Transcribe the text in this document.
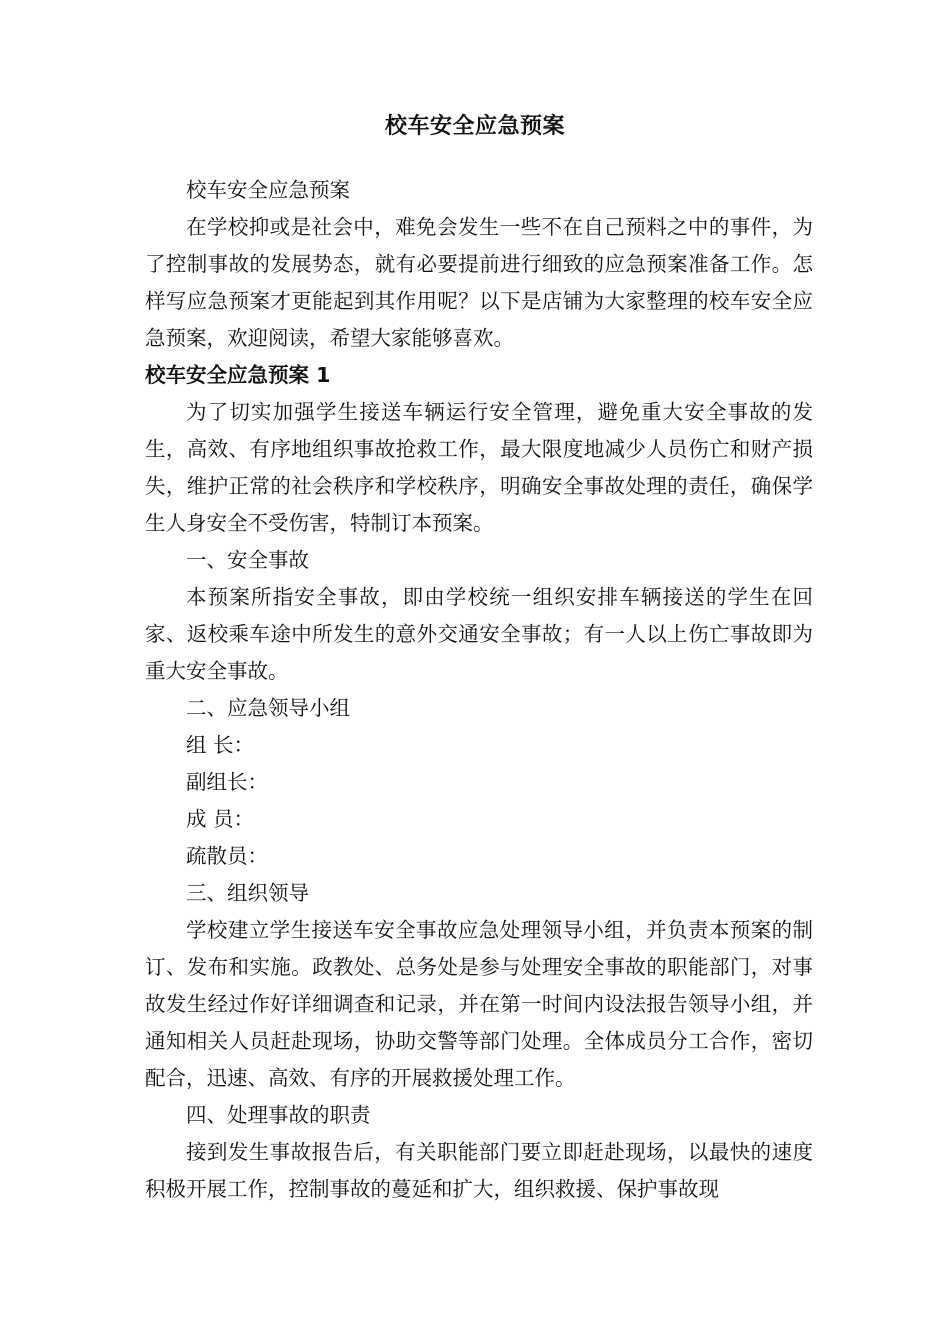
校车安全应急预案

校车安全应急预案

在学校抑或是社会中，难免会发生一些不在自己预料之中的事件，为了控制事故的发展势态，就有必要提前进行细致的应急预案准备工作。怎样写应急预案才更能起到其作用呢？以下是店铺为大家整理的校车安全应急预案，欢迎阅读，希望大家能够喜欢。

校车安全应急预案 1

为了切实加强学生接送车辆运行安全管理，避免重大安全事故的发生，高效、有序地组织事故抢救工作，最大限度地减少人员伤亡和财产损失，维护正常的社会秩序和学校秩序，明确安全事故处理的责任，确保学生人身安全不受伤害，特制订本预案。

一、安全事故

本预案所指安全事故，即由学校统一组织安排车辆接送的学生在回家、返校乘车途中所发生的意外交通安全事故；有一人以上伤亡事故即为重大安全事故。

二、应急领导小组

组 长：

副组长：

成 员：

疏散员：

三、组织领导

学校建立学生接送车安全事故应急处理领导小组，并负责本预案的制订、发布和实施。政教处、总务处是参与处理安全事故的职能部门，对事故发生经过作好详细调查和记录，并在第一时间内设法报告领导小组，并通知相关人员赶赴现场，协助交警等部门处理。全体成员分工合作，密切配合，迅速、高效、有序的开展救援处理工作。

四、处理事故的职责

接到发生事故报告后，有关职能部门要立即赶赴现场，以最快的速度积极开展工作，控制事故的蔓延和扩大，组织救援、保护事故现
